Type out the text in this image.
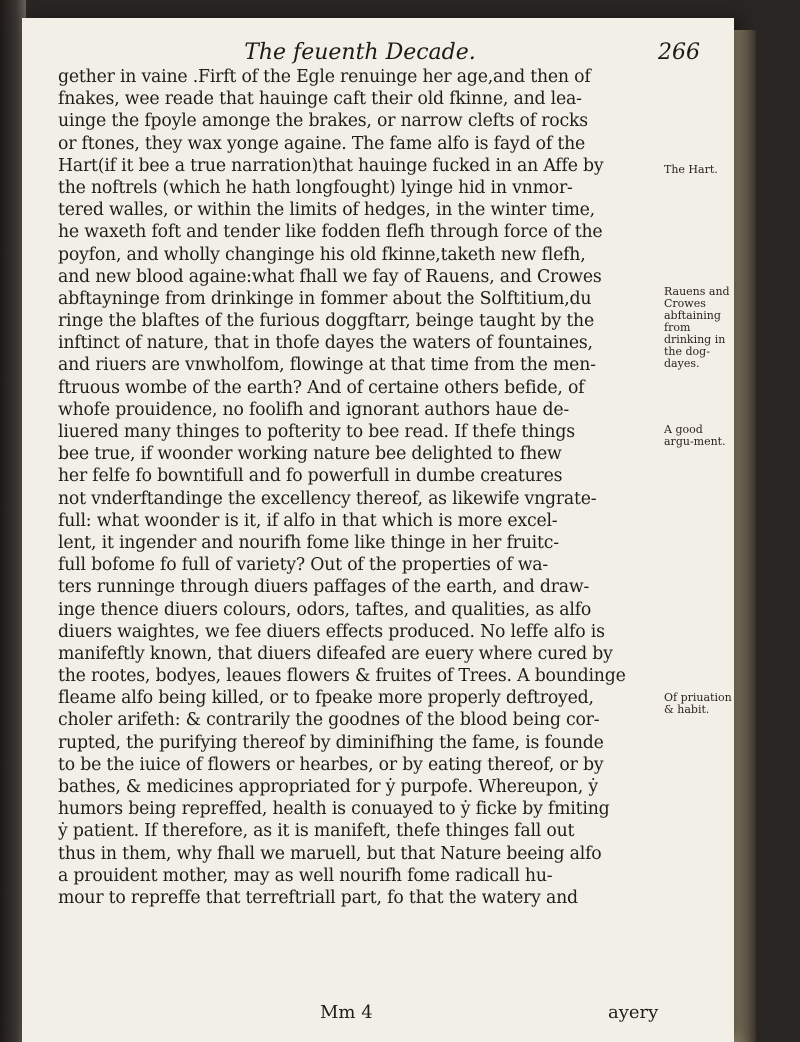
The feuenth Decade.	266
gether in vaine .Firft of the Egle renuinge her age,and then of
fnakes, wee reade that hauinge caft their old fkinne, and lea-
uinge the fpoyle amonge the brakes, or narrow clefts of rocks
or ftones, they wax yonge againe. The fame alfo is fayd of the
Hart(if it bee a true narration)that hauinge fucked in an Affe by
the noftrels (which he hath longfought) lyinge hid in vnmor-
tered walles, or within the limits of hedges, in the winter time,
he waxeth foft and tender like fodden flefh through force of the
poyfon, and wholly changinge his old fkinne,taketh new flefh,
and new blood againe:what fhall we fay of Rauens, and Crowes
abftayninge from drinkinge in fommer about the Solftitium,du
ringe the blaftes of the furious doggftarr, beinge taught by the
inftinct of nature, that in thofe dayes the waters of fountaines,
and riuers are vnwholfom, flowinge at that time from the men-
ftruous wombe of the earth? And of certaine others befide, of
whofe prouidence, no foolifh and ignorant authors haue de-
liuered many thinges to pofterity to bee read. If thefe things
bee true, if woonder working nature bee delighted to fhew
her felfe fo bowntifull and fo powerfull in dumbe creatures
not vnderftandinge the excellency thereof, as likewife vngrate-
full: what woonder is it, if alfo in that which is more excel-
lent, it ingender and nourifh fome like thinge in her fruitc-
full bofome fo full of variety? Out of the properties of wa-
ters runninge through diuers paffages of the earth, and draw-
inge thence diuers colours, odors, taftes, and qualities, as alfo
diuers waightes, we fee diuers effects produced. No leffe alfo is
manifeftly known, that diuers difeafed are euery where cured by
the rootes, bodyes, leaues flowers & fruites of Trees. A boundinge
fleame alfo being killed, or to fpeake more properly deftroyed,
choler arifeth: & contrarily the goodnes of the blood being cor-
rupted, the purifying thereof by diminifhing the fame, is founde
to be the iuice of flowers or hearbes, or by eating thereof, or by
bathes, & medicines appropriated for ẏ purpofe. Whereupon, ẏ
humors being repreffed, health is conuayed to ẏ ficke by fmiting
ẏ patient. If therefore, as it is manifeft, thefe thinges fall out
thus in them, why fhall we maruell, but that Nature beeing alfo
a prouident mother, may as well nourifh fome radicall hu-
mour to repreffe that terreftriall part, fo that the watery and
The Hart.
Rauens and Crowes abftaining from drinking in the dog-dayes.
A good argu-ment.
Of priuation & habit.
Mm 4	ayery
